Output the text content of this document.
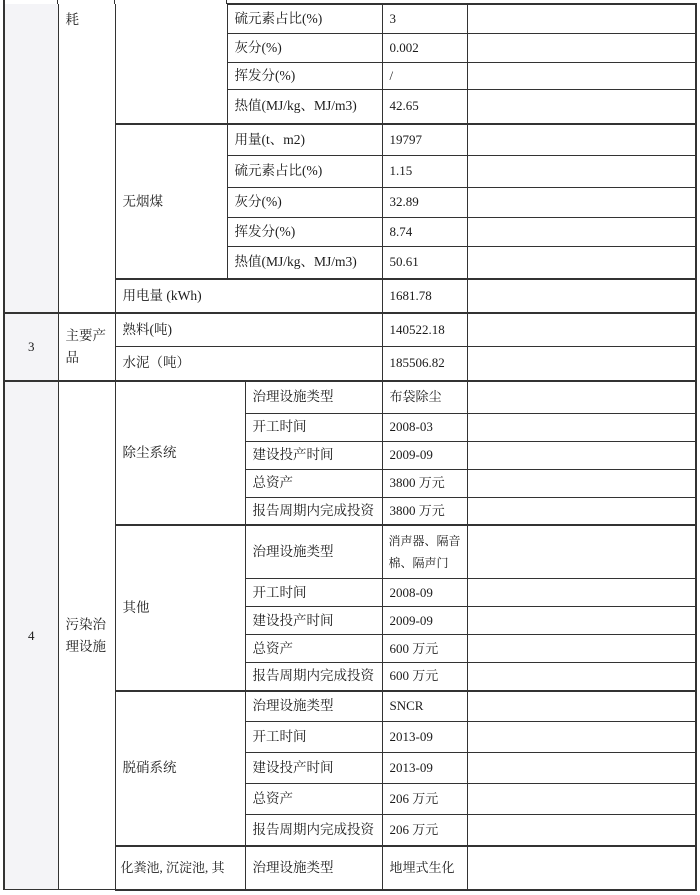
	耗		硫元素占比(%)		3	
			灰分(%)		0.002	
			挥发分(%)		/	
			热值(MJ/kg、MJ/m3)		42.65	
		无烟煤	用量(t、m2)		19797	
			硫元素占比(%)		1.15	
			灰分(%)		32.89	
			挥发分(%)		8.74	
			热值(MJ/kg、MJ/m3)		50.61	
		用电量 (kWh)			1681.78	
3	主要产品	熟料(吨)			140522.18	
		水泥（吨）			185506.82	
4	污染治理设施	除尘系统		治理设施类型	布袋除尘	
				开工时间	2008-03	
				建设投产时间	2009-09	
				总资产	3800 万元	
				报告周期内完成投资	3800 万元	
		其他		治理设施类型	消声器、隔音棉、隔声门	
				开工时间	2008-09	
				建设投产时间	2009-09	
				总资产	600 万元	
				报告周期内完成投资	600 万元	
		脱硝系统		治理设施类型	SNCR	
				开工时间	2013-09	
				建设投产时间	2013-09	
				总资产	206 万元	
				报告周期内完成投资	206 万元	
		化粪池, 沉淀池, 其		治理设施类型	地埋式生化	
